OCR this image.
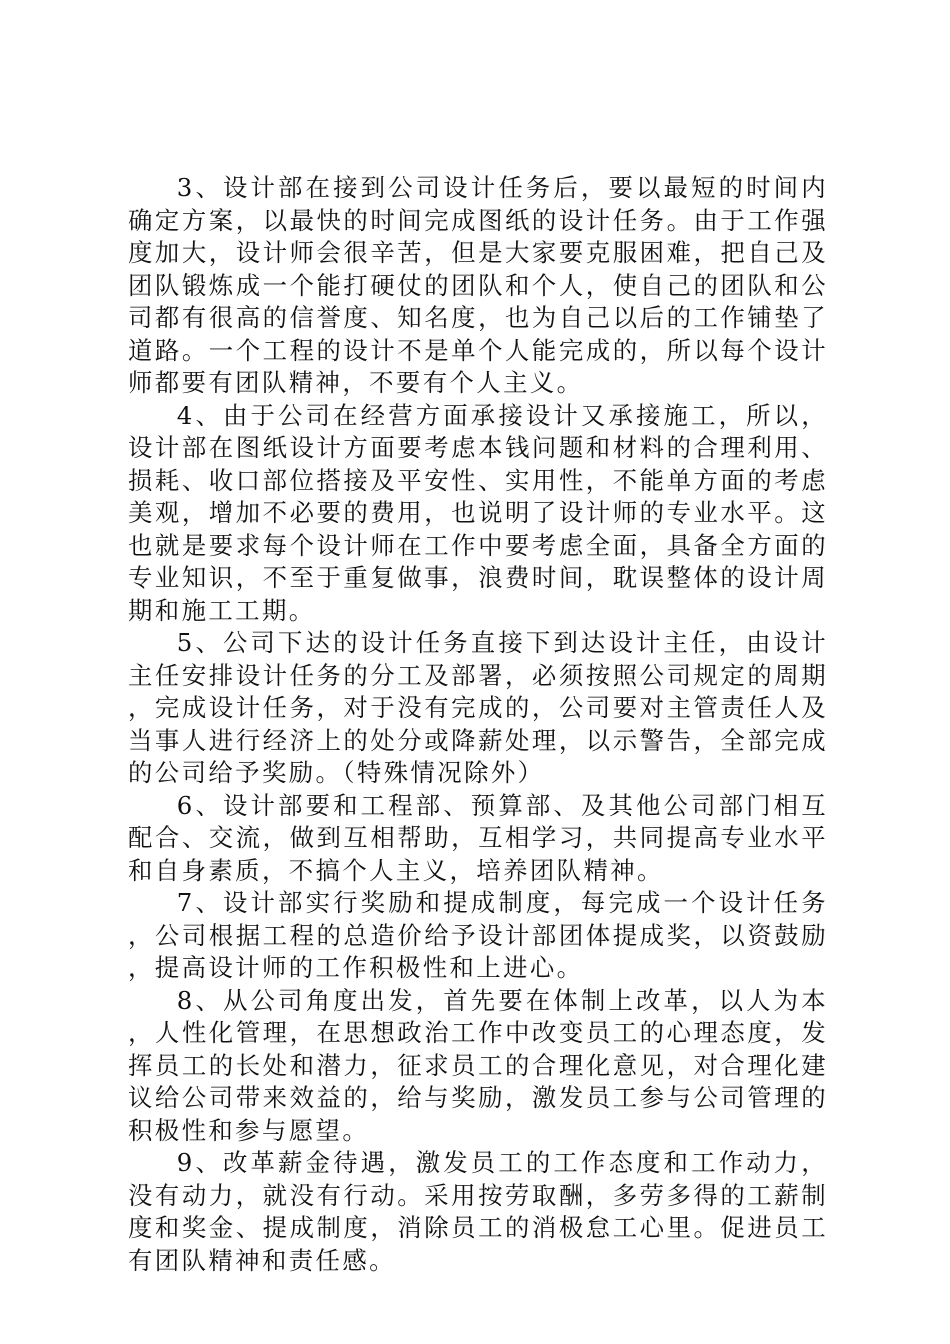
3、设计部在接到公司设计任务后，要以最短的时间内确定方案，以最快的时间完成图纸的设计任务。由于工作强度加大，设计师会很辛苦，但是大家要克服困难，把自己及团队锻炼成一个能打硬仗的团队和个人，使自己的团队和公司都有很高的信誉度、知名度，也为自己以后的工作铺垫了道路。一个工程的设计不是单个人能完成的，所以每个设计师都要有团队精神，不要有个人主义。

4、由于公司在经营方面承接设计又承接施工，所以，设计部在图纸设计方面要考虑本钱问题和材料的合理利用、损耗、收口部位搭接及平安性、实用性，不能单方面的考虑美观，增加不必要的费用，也说明了设计师的专业水平。这也就是要求每个设计师在工作中要考虑全面，具备全方面的专业知识，不至于重复做事，浪费时间，耽误整体的设计周期和施工工期。

5、公司下达的设计任务直接下到达设计主任，由设计主任安排设计任务的分工及部署，必须按照公司规定的周期，完成设计任务，对于没有完成的，公司要对主管责任人及当事人进行经济上的处分或降薪处理，以示警告，全部完成的公司给予奖励。（特殊情况除外）

6、设计部要和工程部、预算部、及其他公司部门相互配合、交流，做到互相帮助，互相学习，共同提高专业水平和自身素质，不搞个人主义，培养团队精神。

7、设计部实行奖励和提成制度，每完成一个设计任务，公司根据工程的总造价给予设计部团体提成奖，以资鼓励，提高设计师的工作积极性和上进心。

8、从公司角度出发，首先要在体制上改革，以人为本，人性化管理，在思想政治工作中改变员工的心理态度，发挥员工的长处和潜力，征求员工的合理化意见，对合理化建议给公司带来效益的，给与奖励，激发员工参与公司管理的积极性和参与愿望。

9、改革薪金待遇，激发员工的工作态度和工作动力，没有动力，就没有行动。采用按劳取酬，多劳多得的工薪制度和奖金、提成制度，消除员工的消极怠工心里。促进员工有团队精神和责任感。
